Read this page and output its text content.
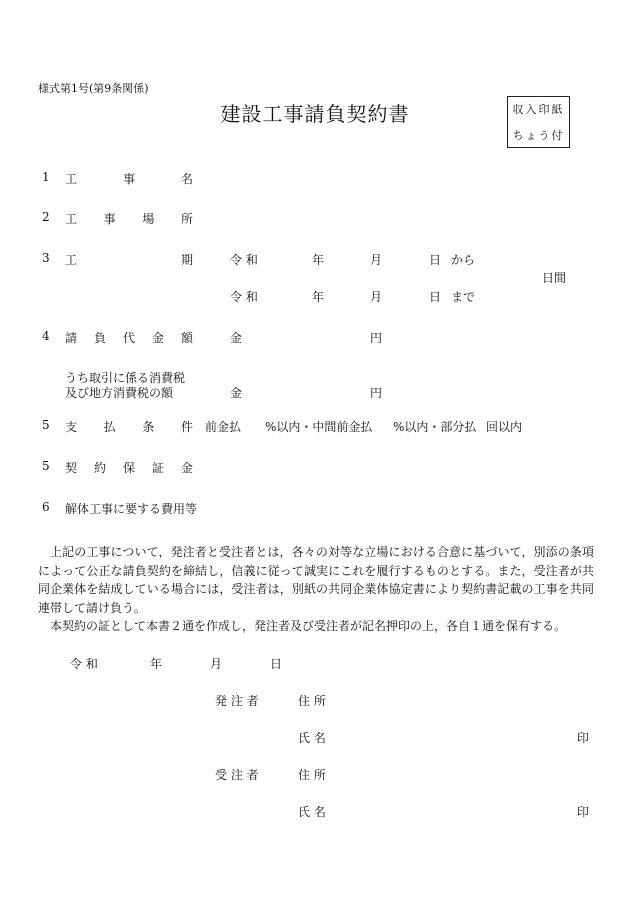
様式第1号(第9条関係)
建設工事請負契約書	収入印紙
ちょう付
1 工	事	名
2 工 事 場 所
3 工	期	令 和	年	月	日 から
日間
令 和	年	月	日 まで
4 請 負 代 金 額	金	円
うち取引に係る消費税
及び地方消費税の額	金	円
5 支 払 条 件 前金払 %以内・中間前金払 %以内・部分払 回以内
5 契 約 保 証 金
6 解体工事に要する費用等
上記の工事について，発注者と受注者とは，各々の対等な立場における合意に基づいて，別添の条項によって公正な請負契約を締結し，信義に従って誠実にこれを履行するものとする。また，受注者が共同企業体を結成している場合には，受注者は，別紙の共同企業体協定書により契約書記載の工事を共同連帯して請け負う。
本契約の証として本書２通を作成し，発注者及び受注者が記名押印の上，各自１通を保有する。
令 和	年	月	日
発 注 者	住 所
氏 名	印
受 注 者	住 所
氏 名	印
